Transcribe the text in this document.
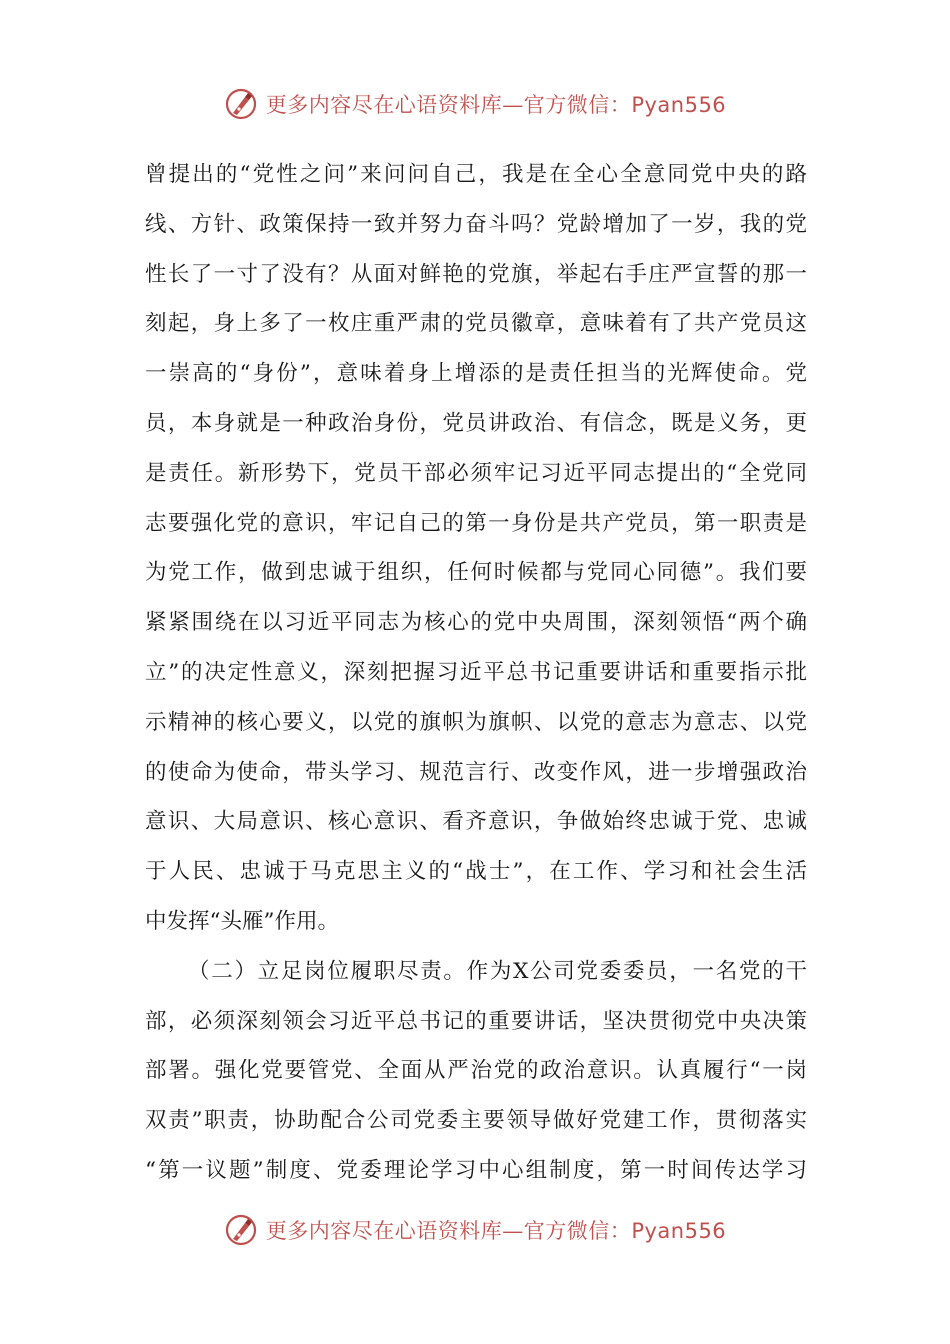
更多内容尽在心语资料库—官方微信：Pyan556
曾提出的“党性之问”来问问自己，我是在全心全意同党中央的路
线、方针、政策保持一致并努力奋斗吗？党龄增加了一岁，我的党
性长了一寸了没有？从面对鲜艳的党旗，举起右手庄严宣誓的那一
刻起，身上多了一枚庄重严肃的党员徽章，意味着有了共产党员这
一崇高的“身份”，意味着身上增添的是责任担当的光辉使命。党
员，本身就是一种政治身份，党员讲政治、有信念，既是义务，更
是责任。新形势下，党员干部必须牢记习近平同志提出的“全党同
志要强化党的意识，牢记自己的第一身份是共产党员，第一职责是
为党工作，做到忠诚于组织，任何时候都与党同心同德”。我们要
紧紧围绕在以习近平同志为核心的党中央周围，深刻领悟“两个确
立”的决定性意义，深刻把握习近平总书记重要讲话和重要指示批
示精神的核心要义，以党的旗帜为旗帜、以党的意志为意志、以党
的使命为使命，带头学习、规范言行、改变作风，进一步增强政治
意识、大局意识、核心意识、看齐意识，争做始终忠诚于党、忠诚
于人民、忠诚于马克思主义的“战士”，在工作、学习和社会生活
中发挥“头雁”作用。
（二）立足岗位履职尽责。作为X公司党委委员，一名党的干
部，必须深刻领会习近平总书记的重要讲话，坚决贯彻党中央决策
部署。强化党要管党、全面从严治党的政治意识。认真履行“一岗
双责”职责，协助配合公司党委主要领导做好党建工作，贯彻落实
“第一议题”制度、党委理论学习中心组制度，第一时间传达学习
更多内容尽在心语资料库—官方微信：Pyan556
